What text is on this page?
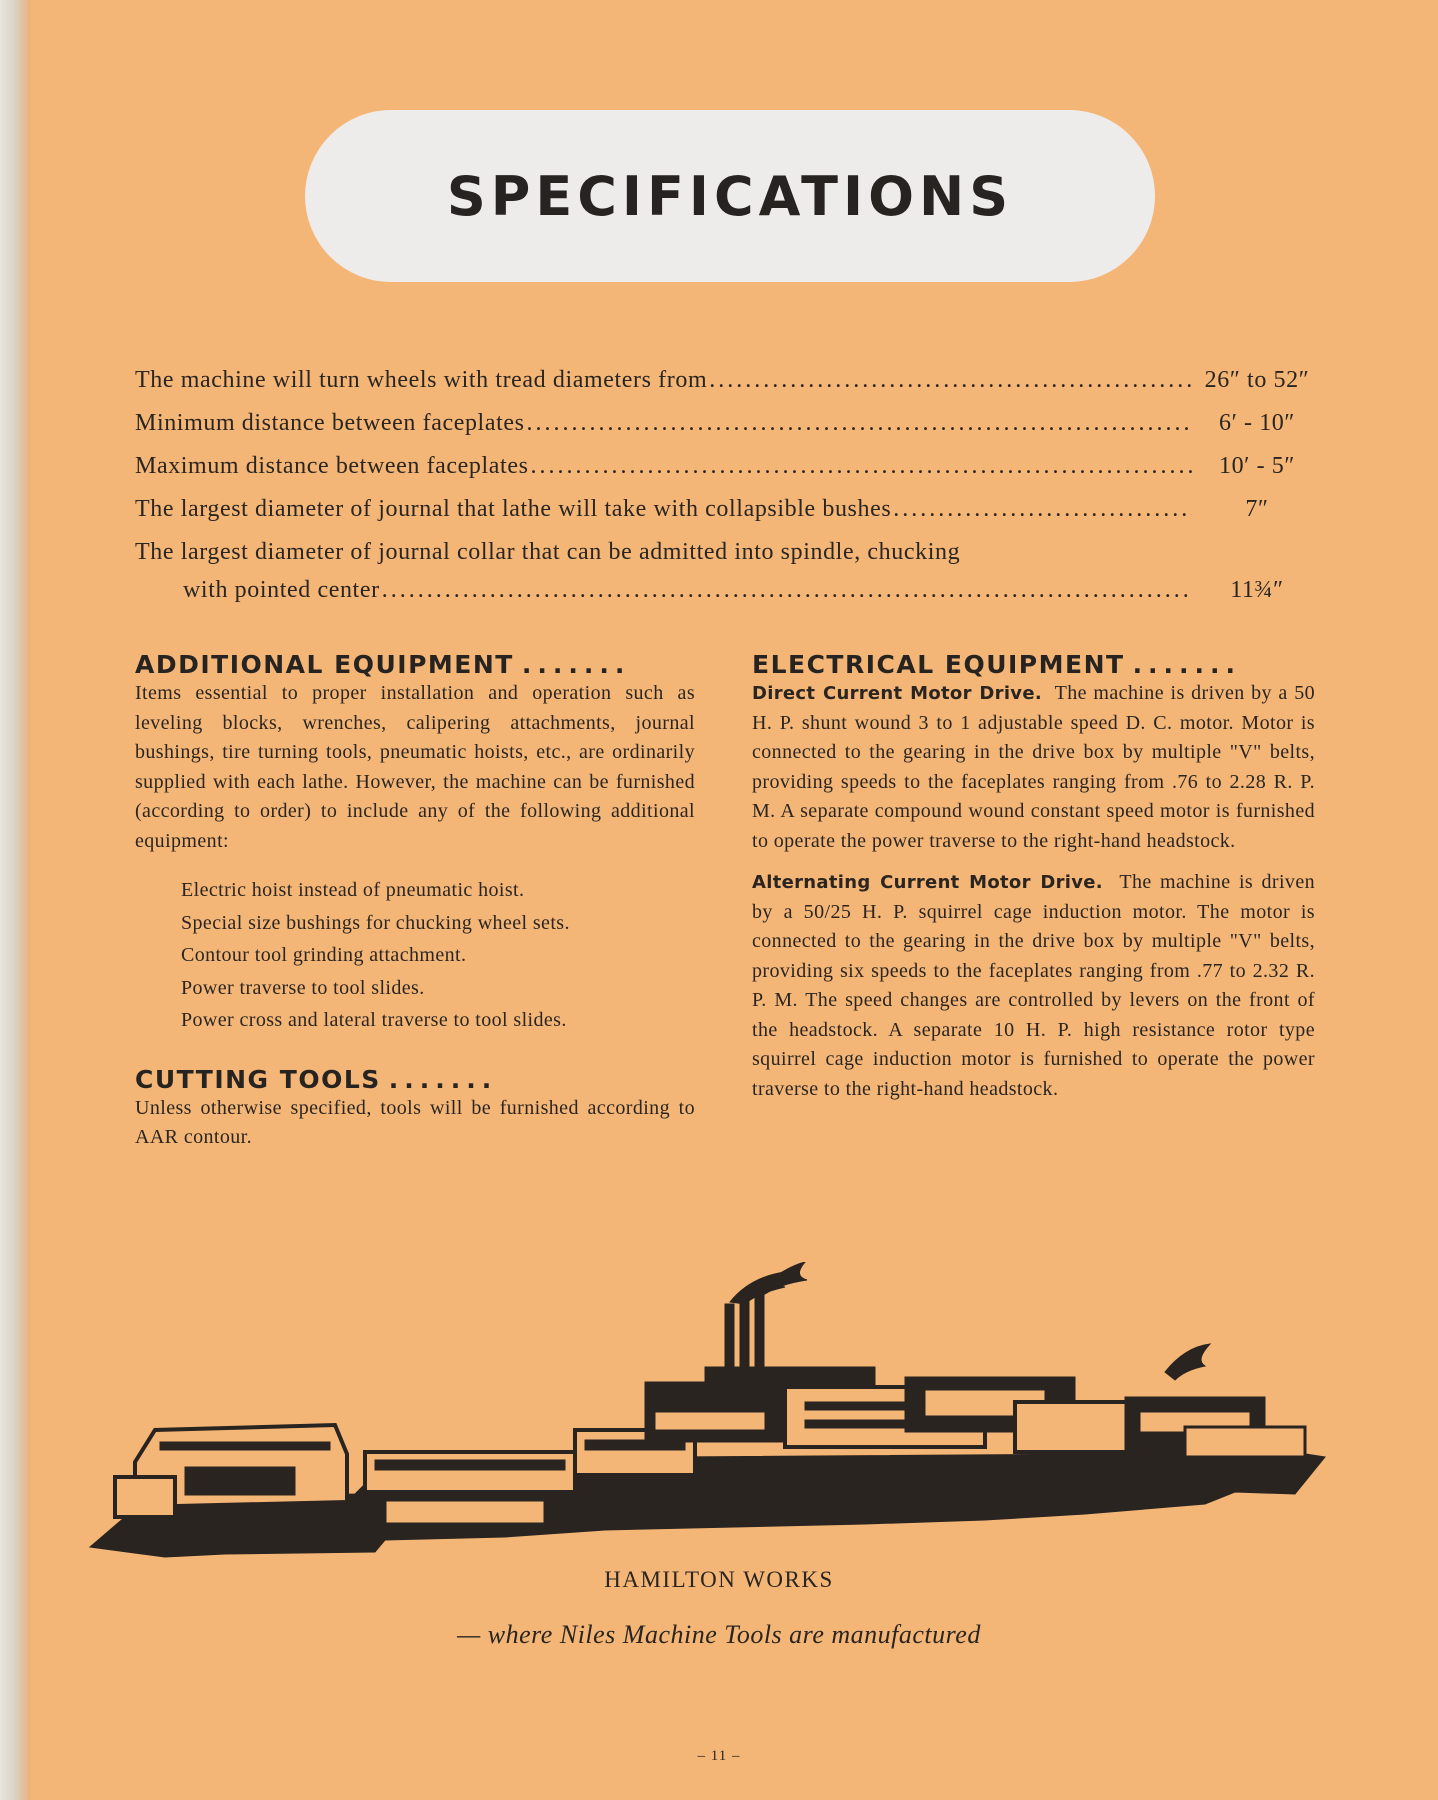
SPECIFICATIONS
The machine will turn wheels with tread diameters from .....	26″ to 52″
Minimum distance between faceplates .....	6′ - 10″
Maximum distance between faceplates .....	10′ - 5″
The largest diameter of journal that lathe will take with collapsible bushes .....	7″
The largest diameter of journal collar that can be admitted into spindle, chucking
with pointed center .....	11¾″
ADDITIONAL EQUIPMENT .......

Items essential to proper installation and operation such as leveling blocks, wrenches, calipering attachments, journal bushings, tire turning tools, pneumatic hoists, etc., are ordinarily supplied with each lathe. However, the machine can be furnished (according to order) to include any of the following additional equipment:

Electric hoist instead of pneumatic hoist.
Special size bushings for chucking wheel sets.
Contour tool grinding attachment.
Power traverse to tool slides.
Power cross and lateral traverse to tool slides.
CUTTING TOOLS .......

Unless otherwise specified, tools will be furnished according to AAR contour.

ELECTRICAL EQUIPMENT .......

Direct Current Motor Drive. The machine is driven by a 50 H. P. shunt wound 3 to 1 adjustable speed D. C. motor. Motor is connected to the gearing in the drive box by multiple "V" belts, providing speeds to the faceplates ranging from .76 to 2.28 R. P. M. A separate compound wound constant speed motor is furnished to operate the power traverse to the right-hand headstock.

Alternating Current Motor Drive. The machine is driven by a 50/25 H. P. squirrel cage induction motor. The motor is connected to the gearing in the drive box by multiple "V" belts, providing six speeds to the faceplates ranging from .77 to 2.32 R. P. M. The speed changes are controlled by levers on the front of the headstock. A separate 10 H. P. high resistance rotor type squirrel cage induction motor is furnished to operate the power traverse to the right-hand headstock.

HAMILTON WORKS
— where Niles Machine Tools are manufactured
– 11 –
